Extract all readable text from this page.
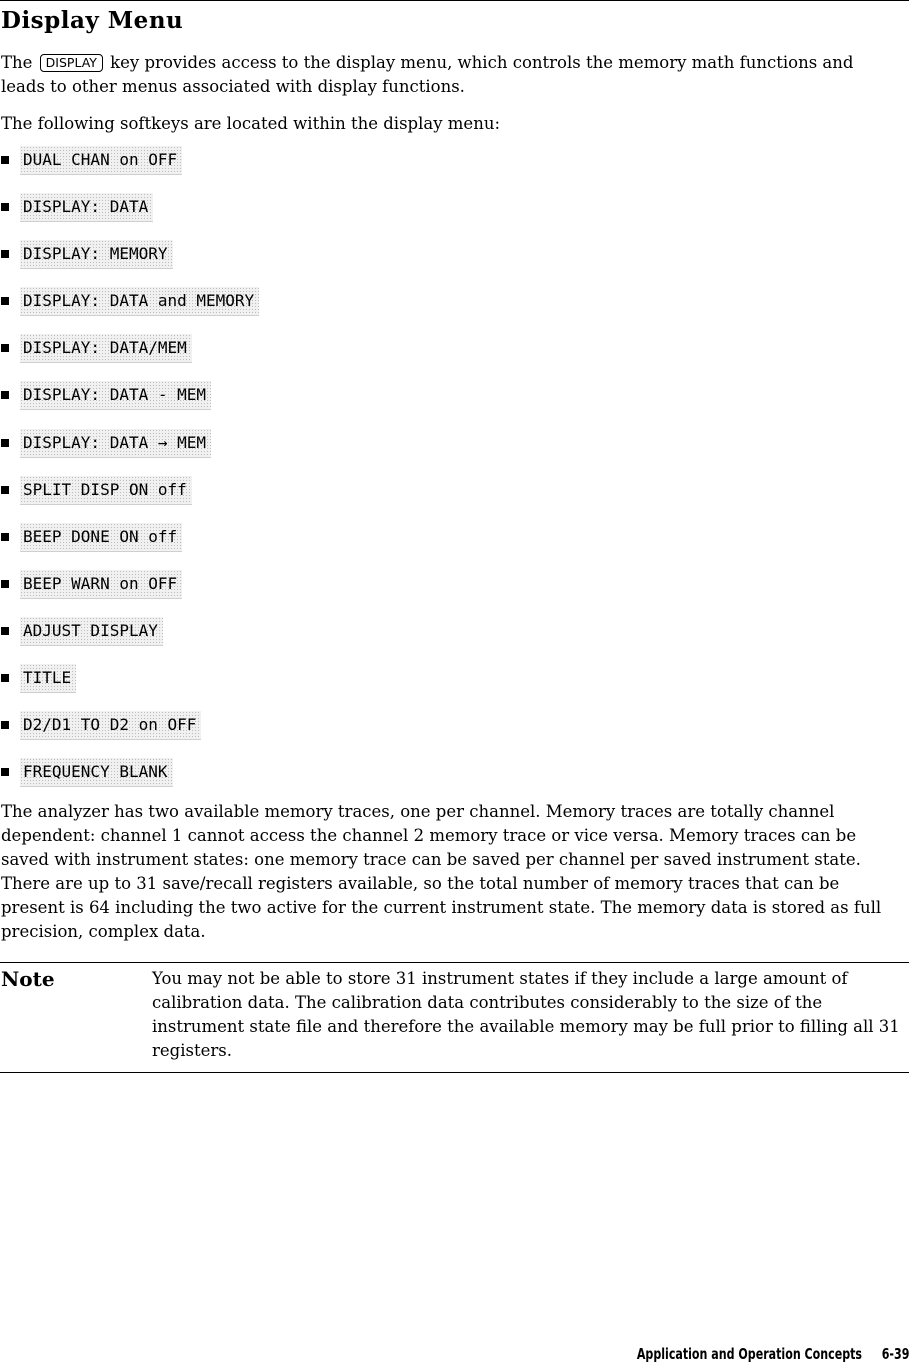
Display Menu

The DISPLAY key provides access to the display menu, which controls the memory math functions and leads to other menus associated with display functions.

The following softkeys are located within the display menu:

DUAL CHAN on OFF
DISPLAY: DATA
DISPLAY: MEMORY
DISPLAY: DATA and MEMORY
DISPLAY: DATA/MEM
DISPLAY: DATA - MEM
DISPLAY: DATA → MEM
SPLIT DISP ON off
BEEP DONE ON off
BEEP WARN on OFF
ADJUST DISPLAY
TITLE
D2/D1 TO D2 on OFF
FREQUENCY BLANK

The analyzer has two available memory traces, one per channel. Memory traces are totally channel dependent: channel 1 cannot access the channel 2 memory trace or vice versa. Memory traces can be saved with instrument states: one memory trace can be saved per channel per saved instrument state. There are up to 31 save/recall registers available, so the total number of memory traces that can be present is 64 including the two active for the current instrument state. The memory data is stored as full precision, complex data.

Note	You may not be able to store 31 instrument states if they include a large amount of calibration data. The calibration data contributes considerably to the size of the instrument state file and therefore the available memory may be full prior to filling all 31 registers.

Application and Operation Concepts 6-39
